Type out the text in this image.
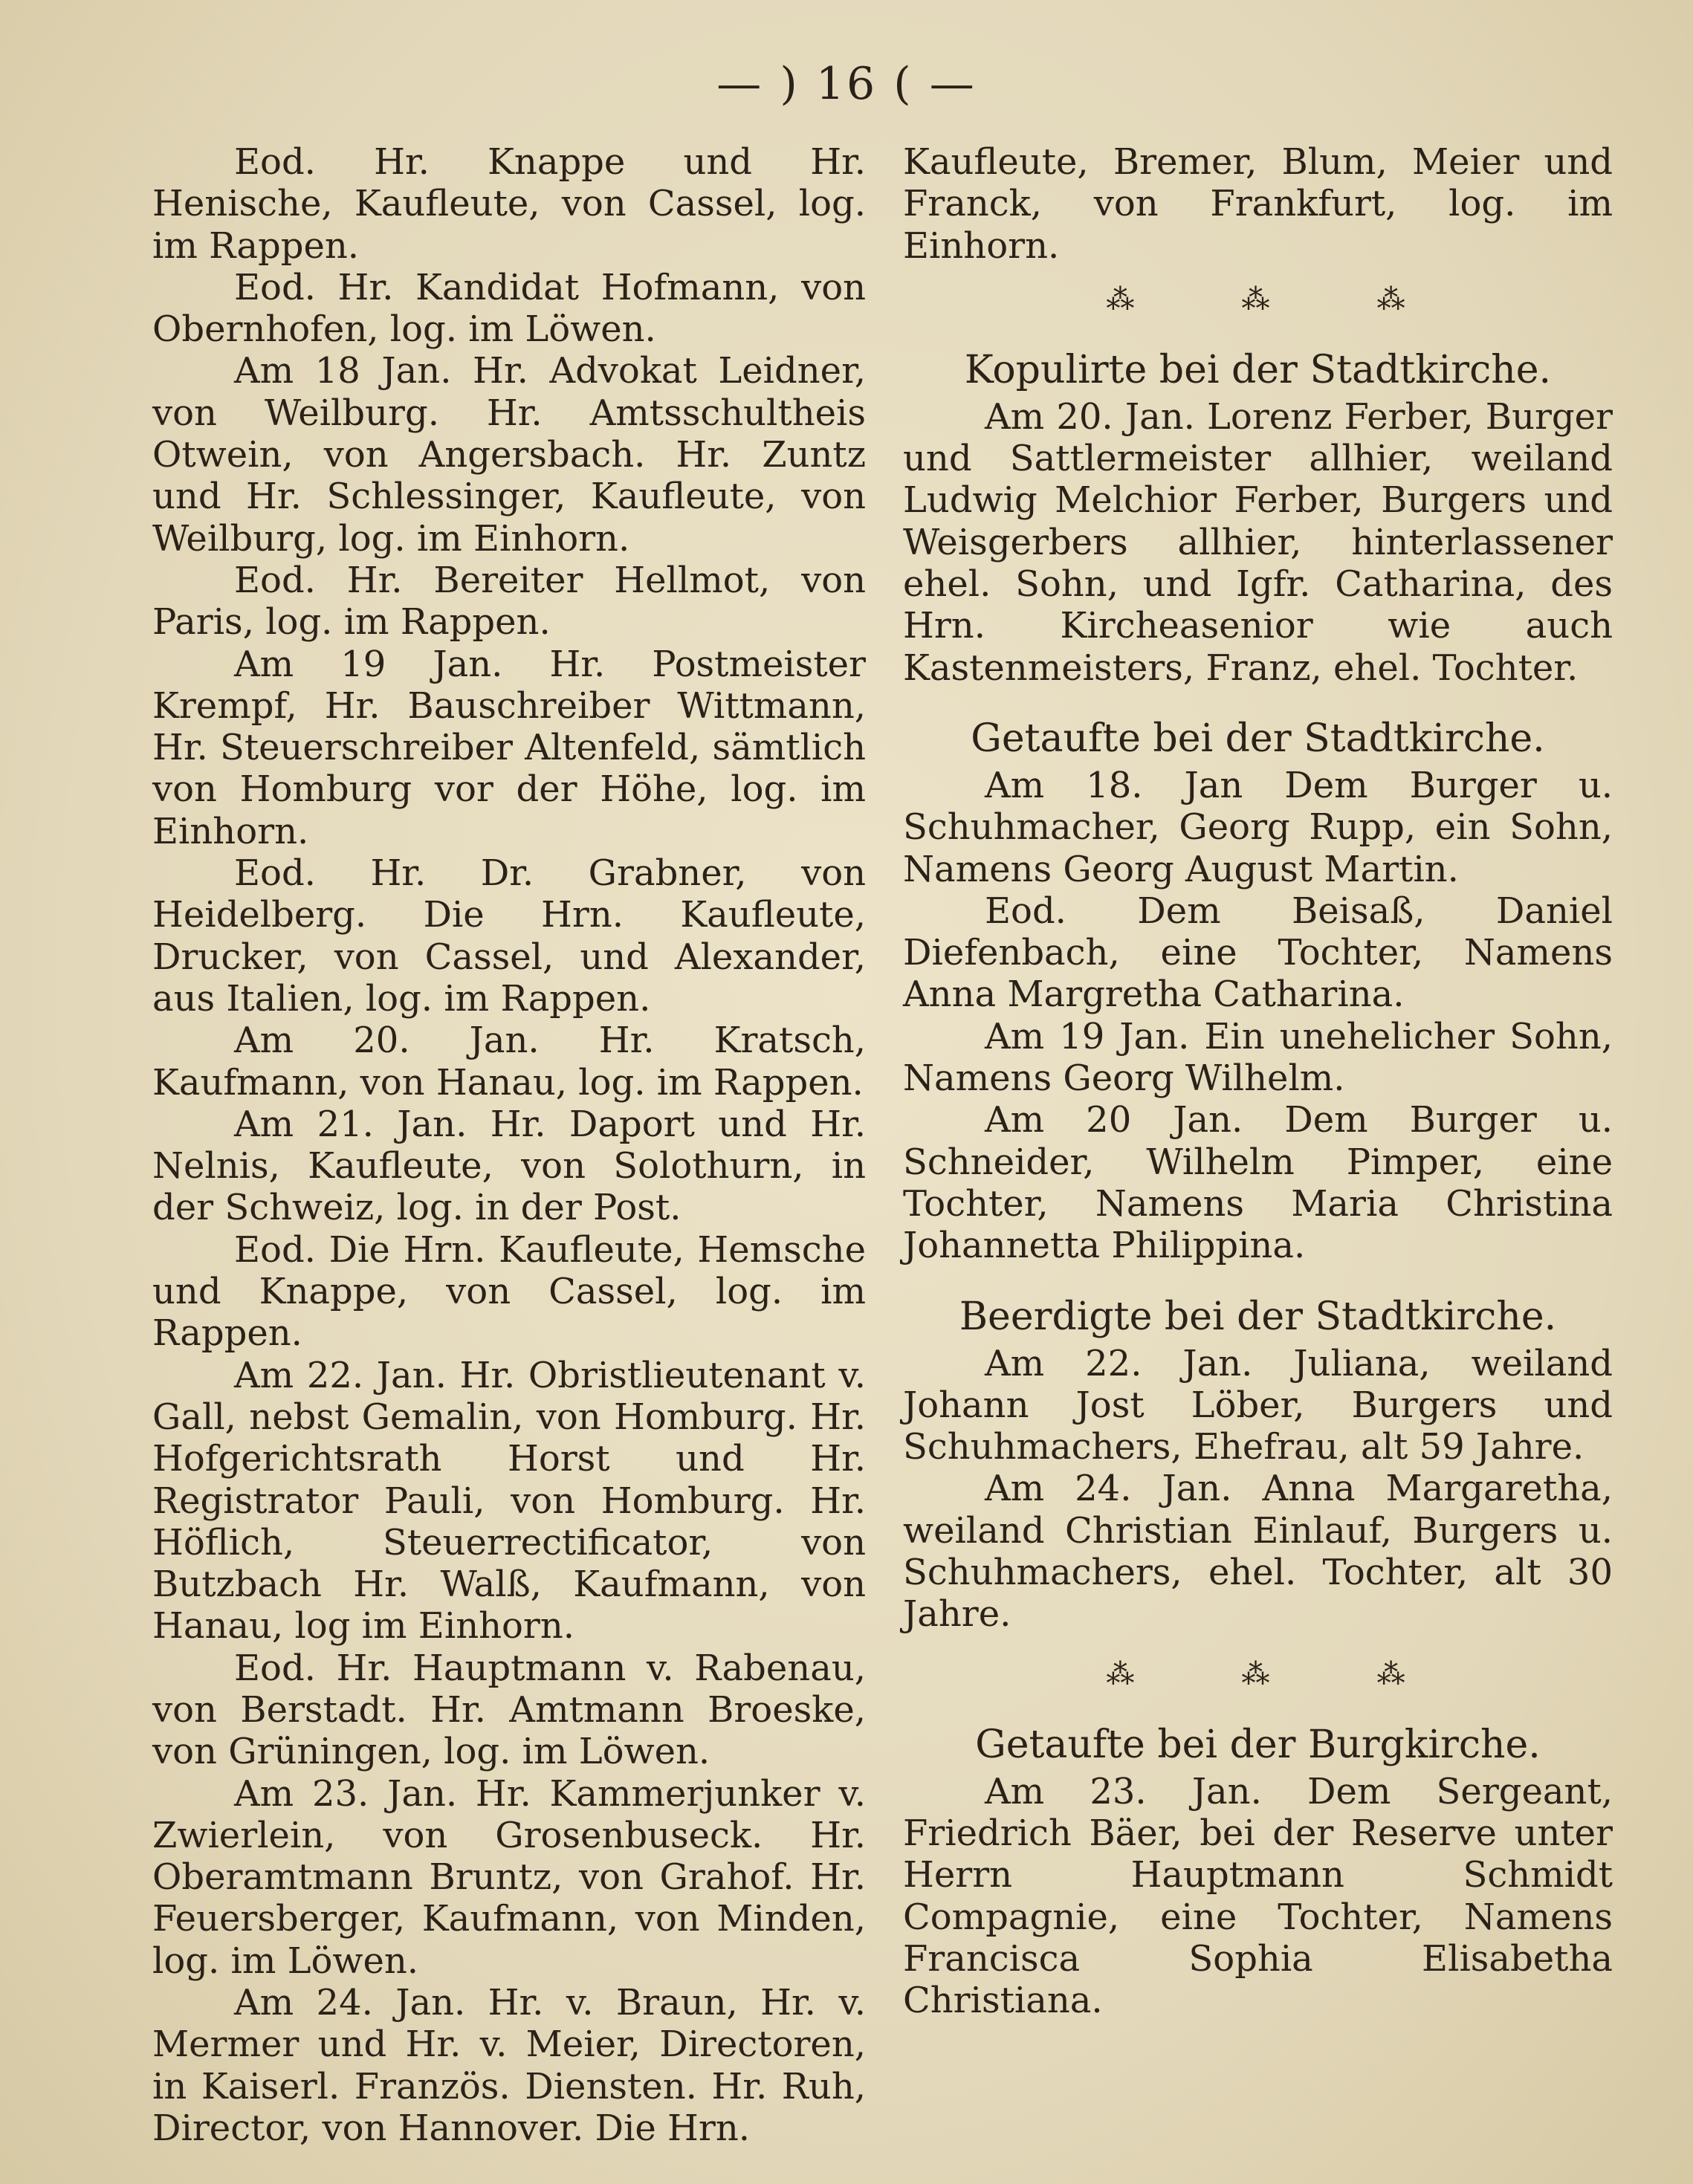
— ) 16 ( —

Eod. Hr. Knappe und Hr. Henische, Kaufleute, von Cassel, log. im Rappen.

Eod. Hr. Kandidat Hofmann, von Obernhofen, log. im Löwen.

Am 18 Jan. Hr. Advokat Leidner, von Weilburg. Hr. Amtsschultheis Otwein, von Angersbach. Hr. Zuntz und Hr. Schlessinger, Kaufleute, von Weilburg, log. im Einhorn.

Eod. Hr. Bereiter Hellmot, von Paris, log. im Rappen.

Am 19 Jan. Hr. Postmeister Krempf, Hr. Bauschreiber Wittmann, Hr. Steuerschreiber Altenfeld, sämtlich von Homburg vor der Höhe, log. im Einhorn.

Eod. Hr. Dr. Grabner, von Heidelberg. Die Hrn. Kaufleute, Drucker, von Cassel, und Alexander, aus Italien, log. im Rappen.

Am 20. Jan. Hr. Kratsch, Kaufmann, von Hanau, log. im Rappen.

Am 21. Jan. Hr. Daport und Hr. Nelnis, Kaufleute, von Solothurn, in der Schweiz, log. in der Post.

Eod. Die Hrn. Kaufleute, Hemsche und Knappe, von Cassel, log. im Rappen.

Am 22. Jan. Hr. Obristlieutenant v. Gall, nebst Gemalin, von Homburg. Hr. Hofgerichtsrath Horst und Hr. Registrator Pauli, von Homburg. Hr. Höflich, Steuerrectificator, von Butzbach Hr. Walß, Kaufmann, von Hanau, log im Einhorn.

Eod. Hr. Hauptmann v. Rabenau, von Berstadt. Hr. Amtmann Broeske, von Grüningen, log. im Löwen.

Am 23. Jan. Hr. Kammerjunker v. Zwierlein, von Grosenbuseck. Hr. Oberamtmann Bruntz, von Grahof. Hr. Feuersberger, Kaufmann, von Minden, log. im Löwen.

Am 24. Jan. Hr. v. Braun, Hr. v. Mermer und Hr. v. Meier, Directoren, in Kaiserl. Französ. Diensten. Hr. Ruh, Director, von Hannover. Die Hrn.

Kaufleute, Bremer, Blum, Meier und Franck, von Frankfurt, log. im Einhorn.

⁂ ⁂ ⁂
Kopulirte bei der Stadtkirche.

Am 20. Jan. Lorenz Ferber, Burger und Sattlermeister allhier, weiland Ludwig Melchior Ferber, Burgers und Weisgerbers allhier, hinterlassener ehel. Sohn, und Igfr. Catharina, des Hrn. Kircheasenior wie auch Kastenmeisters, Franz, ehel. Tochter.

Getaufte bei der Stadtkirche.

Am 18. Jan Dem Burger u. Schuhmacher, Georg Rupp, ein Sohn, Namens Georg August Martin.

Eod. Dem Beisaß, Daniel Diefenbach, eine Tochter, Namens Anna Margretha Catharina.

Am 19 Jan. Ein unehelicher Sohn, Namens Georg Wilhelm.

Am 20 Jan. Dem Burger u. Schneider, Wilhelm Pimper, eine Tochter, Namens Maria Christina Johannetta Philippina.

Beerdigte bei der Stadtkirche.

Am 22. Jan. Juliana, weiland Johann Jost Löber, Burgers und Schuhmachers, Ehefrau, alt 59 Jahre.

Am 24. Jan. Anna Margaretha, weiland Christian Einlauf, Burgers u. Schuhmachers, ehel. Tochter, alt 30 Jahre.

⁂ ⁂ ⁂
Getaufte bei der Burgkirche.

Am 23. Jan. Dem Sergeant, Friedrich Bäer, bei der Reserve unter Herrn Hauptmann Schmidt Compagnie, eine Tochter, Namens Francisca Sophia Elisabetha Christiana.
